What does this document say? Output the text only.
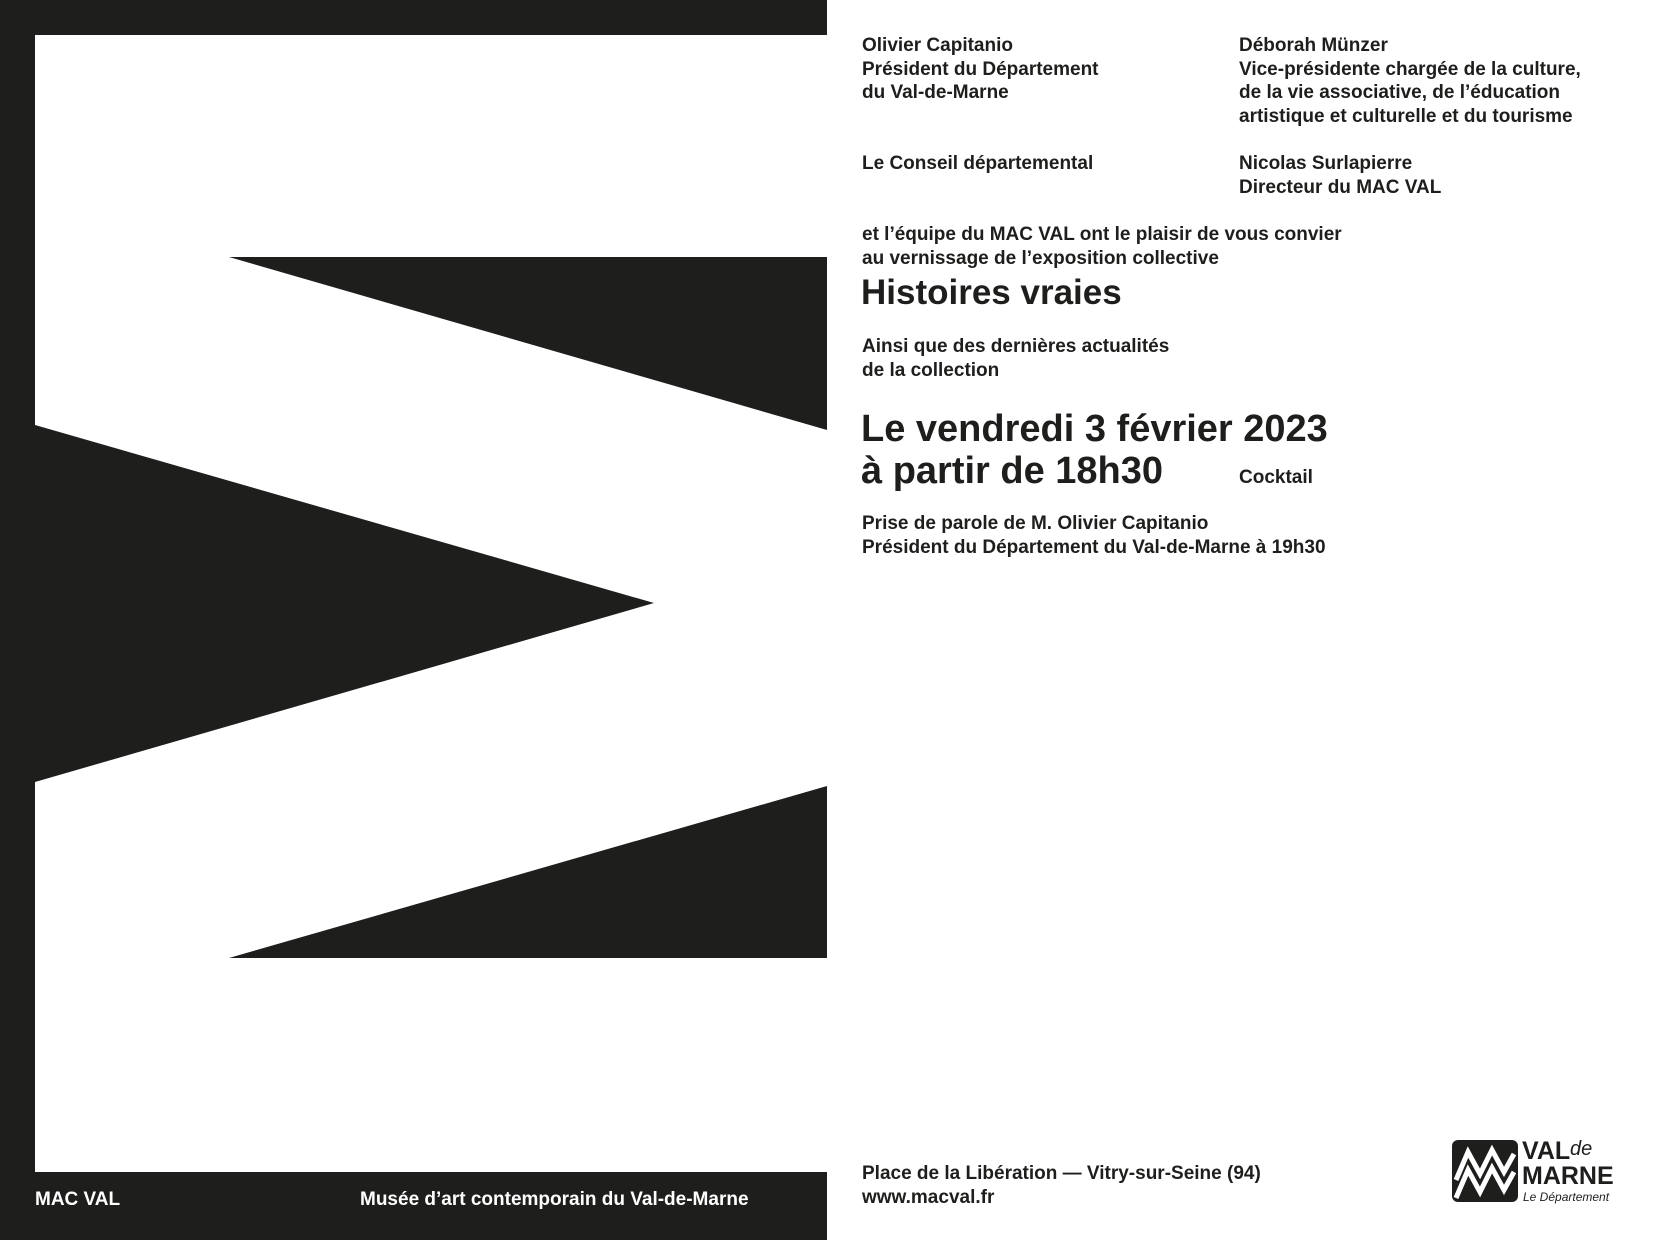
MAC VAL	Musée d’art contemporain du Val-de-Marne
Olivier Capitanio
Président du Département
du Val-de-Marne
Déborah Münzer
Vice-présidente chargée de la culture,
de la vie associative, de l’éducation
artistique et culturelle et du tourisme
Le Conseil départemental	Nicolas Surlapierre
Directeur du MAC VAL
et l’équipe du MAC VAL ont le plaisir de vous convier
au vernissage de l’exposition collective
Histoires vraies
Ainsi que des dernières actualités
de la collection
Le vendredi 3 février 2023
à partir de 18h30	Cocktail
Prise de parole de M. Olivier Capitanio
Président du Département du Val-de-Marne à 19h30
Place de la Libération — Vitry-sur-Seine (94)
www.macval.fr
VAL de
MARNE
Le Département
